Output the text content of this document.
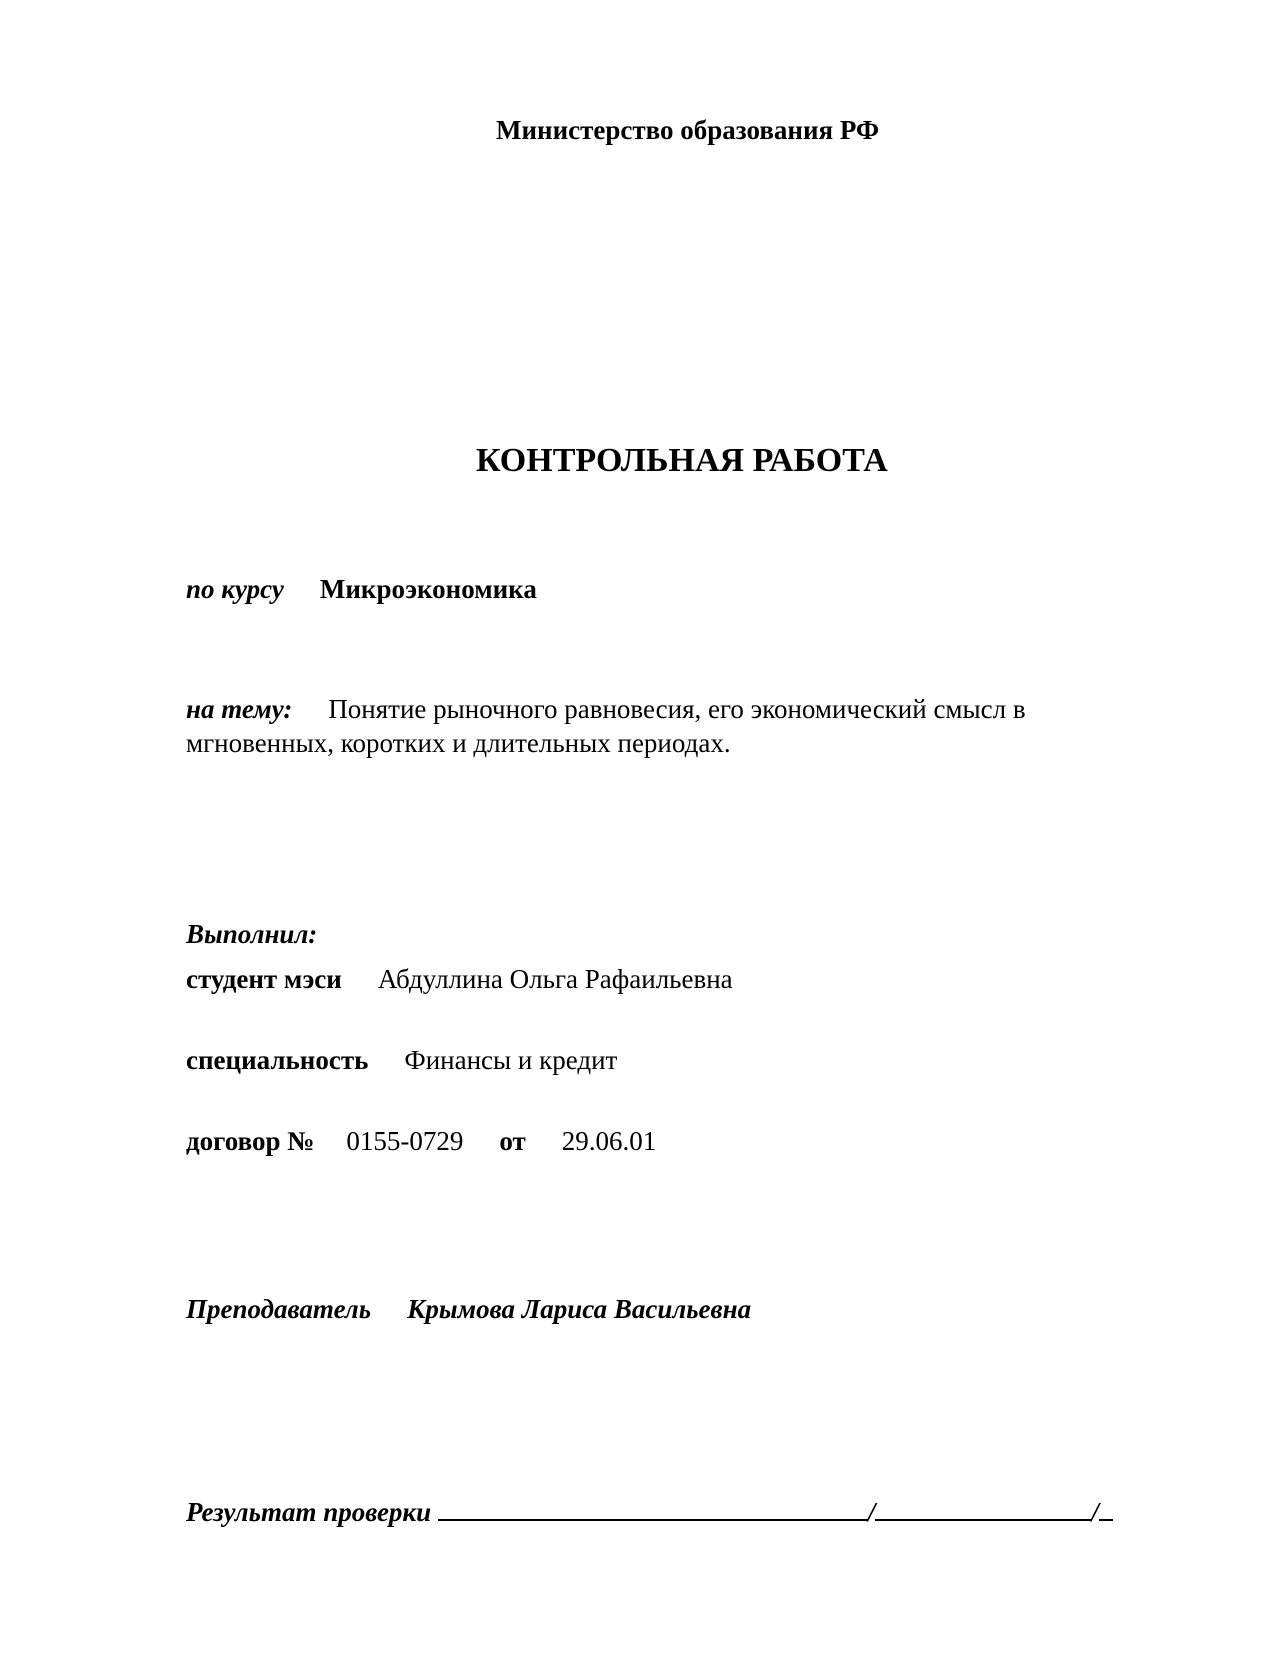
Министерство образования РФ
КОНТРОЛЬНАЯ РАБОТА
по курсу Микроэкономика
на тему: Понятие рыночного равновесия, его экономический смысл в мгновенных, коротких и длительных периодах.
Выполнил:
студент мэси Абдуллина Ольга Рафаильевна
специальность Финансы и кредит
договор № 0155-0729 от 29.06.01
Преподаватель Крымова Лариса Васильевна
Результат проверки	/	/
